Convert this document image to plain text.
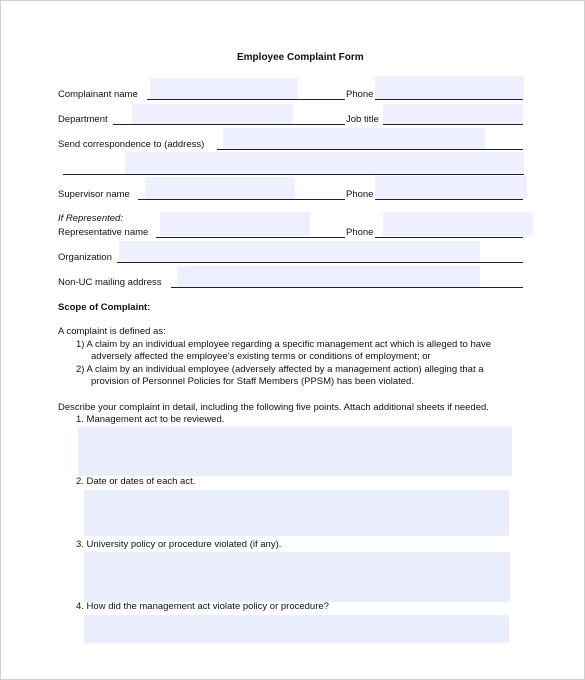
Employee Complaint Form
Complainant name	Phone
Department	Job title
Send correspondence to (address)
Supervisor name	Phone
If Represented:
Representative name	Phone
Organization
Non-UC mailing address
Scope of Complaint:
A complaint is defined as:
1) A claim by an individual employee regarding a specific management act which is alleged to have
adversely affected the employee’s existing terms or conditions of employment; or
2) A claim by an individual employee (adversely affected by a management action) alleging that a
provision of Personnel Policies for Staff Members (PPSM) has been violated.
Describe your complaint in detail, including the following five points. Attach additional sheets if needed.
1. Management act to be reviewed.
2. Date or dates of each act.
3. University policy or procedure violated (if any).
4. How did the management act violate policy or procedure?
